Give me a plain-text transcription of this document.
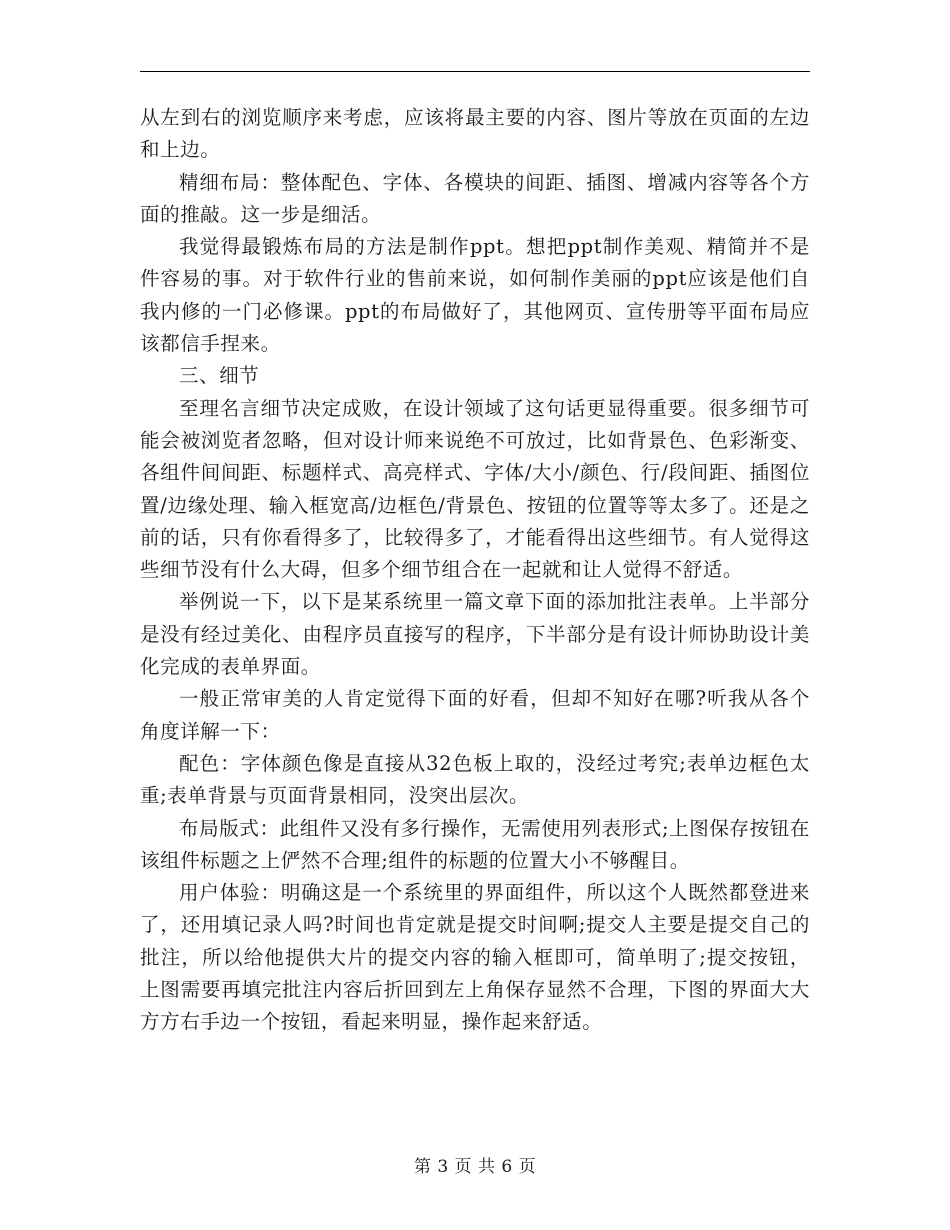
从左到右的浏览顺序来考虑，应该将最主要的内容、图片等放在页面的左边和上边。

精细布局：整体配色、字体、各模块的间距、插图、增减内容等各个方面的推敲。这一步是细活。

我觉得最锻炼布局的方法是制作ppt。想把ppt制作美观、精简并不是件容易的事。对于软件行业的售前来说，如何制作美丽的ppt应该是他们自我内修的一门必修课。ppt的布局做好了，其他网页、宣传册等平面布局应该都信手捏来。

三、细节

至理名言细节决定成败，在设计领域了这句话更显得重要。很多细节可能会被浏览者忽略，但对设计师来说绝不可放过，比如背景色、色彩渐变、各组件间间距、标题样式、高亮样式、字体/大小/颜色、行/段间距、插图位置/边缘处理、输入框宽高/边框色/背景色、按钮的位置等等太多了。还是之前的话，只有你看得多了，比较得多了，才能看得出这些细节。有人觉得这些细节没有什么大碍，但多个细节组合在一起就和让人觉得不舒适。

举例说一下，以下是某系统里一篇文章下面的添加批注表单。上半部分是没有经过美化、由程序员直接写的程序，下半部分是有设计师协助设计美化完成的表单界面。

一般正常审美的人肯定觉得下面的好看，但却不知好在哪?听我从各个角度详解一下：

配色：字体颜色像是直接从32色板上取的，没经过考究;表单边框色太重;表单背景与页面背景相同，没突出层次。

布局版式：此组件又没有多行操作，无需使用列表形式;上图保存按钮在该组件标题之上俨然不合理;组件的标题的位置大小不够醒目。

用户体验：明确这是一个系统里的界面组件，所以这个人既然都登进来了，还用填记录人吗?时间也肯定就是提交时间啊;提交人主要是提交自己的批注，所以给他提供大片的提交内容的输入框即可，简单明了;提交按钮，上图需要再填完批注内容后折回到左上角保存显然不合理，下图的界面大大方方右手边一个按钮，看起来明显，操作起来舒适。

第 3 页 共 6 页
